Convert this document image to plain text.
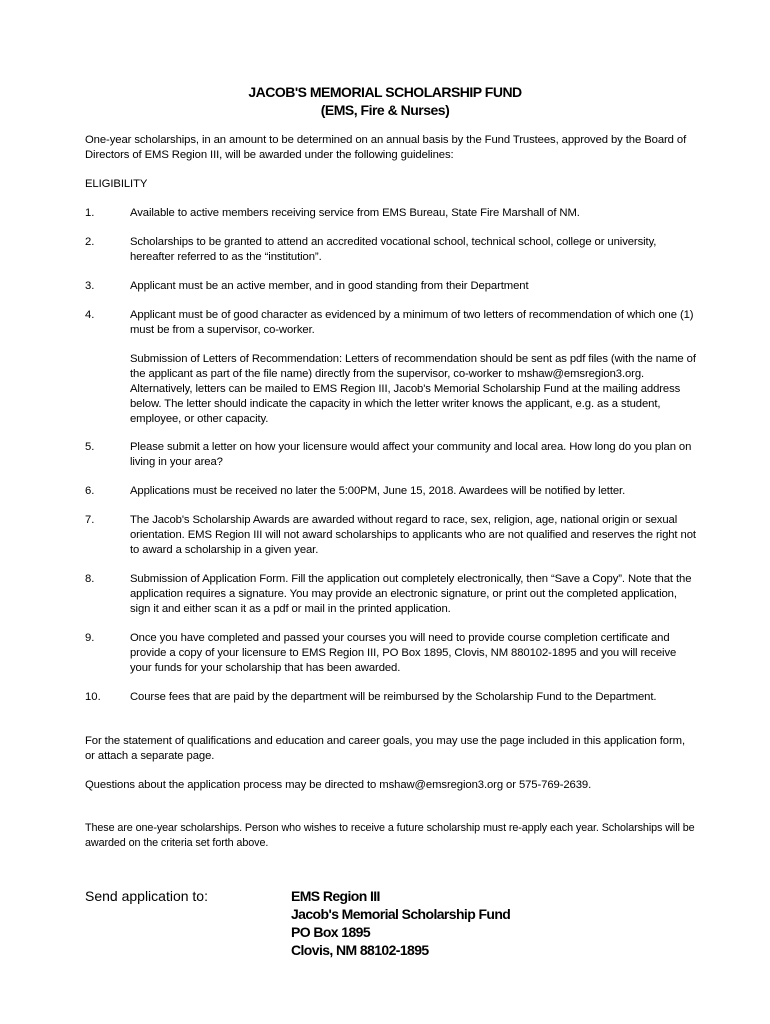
JACOB'S MEMORIAL SCHOLARSHIP FUND
(EMS, Fire & Nurses)
One-year scholarships, in an amount to be determined on an annual basis by the Fund Trustees, approved by the Board of Directors of EMS Region III, will be awarded under the following guidelines:
ELIGIBILITY
1.	Available to active members receiving service from EMS Bureau, State Fire Marshall of NM.
2.	Scholarships to be granted to attend an accredited vocational school, technical school, college or university, hereafter referred to as the “institution”.
3.	Applicant must be an active member, and in good standing from their Department
4.	Applicant must be of good character as evidenced by a minimum of two letters of recommendation of which one (1) must be from a supervisor, co-worker.
Submission of Letters of Recommendation: Letters of recommendation should be sent as pdf files (with the name of the applicant as part of the file name) directly from the supervisor, co-worker to mshaw@emsregion3.org. Alternatively, letters can be mailed to EMS Region III, Jacob's Memorial Scholarship Fund at the mailing address below. The letter should indicate the capacity in which the letter writer knows the applicant, e.g. as a student, employee, or other capacity.
5.	Please submit a letter on how your licensure would affect your community and local area. How long do you plan on living in your area?
6.	Applications must be received no later the 5:00PM, June 15, 2018. Awardees will be notified by letter.
7.	The Jacob's Scholarship Awards are awarded without regard to race, sex, religion, age, national origin or sexual orientation. EMS Region III will not award scholarships to applicants who are not qualified and reserves the right not to award a scholarship in a given year.
8.	Submission of Application Form. Fill the application out completely electronically, then “Save a Copy”. Note that the application requires a signature. You may provide an electronic signature, or print out the completed application, sign it and either scan it as a pdf or mail in the printed application.
9.	Once you have completed and passed your courses you will need to provide course completion certificate and provide a copy of your licensure to EMS Region III, PO Box 1895, Clovis, NM 880102-1895 and you will receive your funds for your scholarship that has been awarded.
10.	Course fees that are paid by the department will be reimbursed by the Scholarship Fund to the Department.
For the statement of qualifications and education and career goals, you may use the page included in this application form, or attach a separate page.
Questions about the application process may be directed to mshaw@emsregion3.org or 575-769-2639.
These are one-year scholarships. Person who wishes to receive a future scholarship must re-apply each year. Scholarships will be awarded on the criteria set forth above.
Send application to:	EMS Region III
Jacob's Memorial Scholarship Fund
PO Box 1895
Clovis, NM 88102-1895
